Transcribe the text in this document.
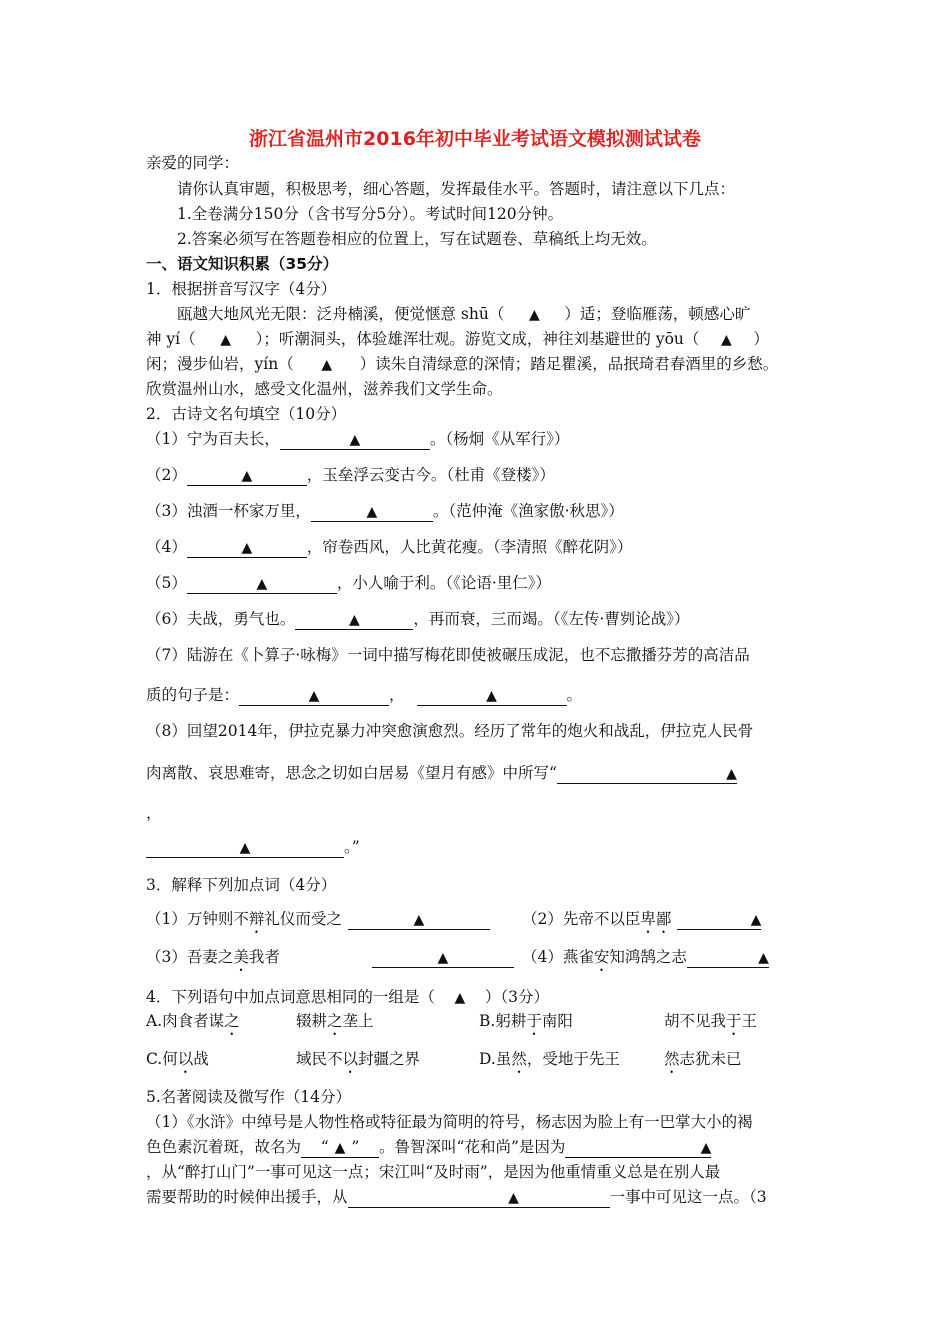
浙江省温州市2016年初中毕业考试语文模拟测试试卷
亲爱的同学：
请你认真审题，积极思考，细心答题，发挥最佳水平。答题时，请注意以下几点：
1.全卷满分150分（含书写分5分）。考试时间120分钟。
2.答案必须写在答题卷相应的位置上，写在试题卷、草稿纸上均无效。
一、语文知识积累（35分）
1．根据拼音写汉字（4分）
瓯越大地风光无限：泛舟楠溪，便觉惬意 shū（ ▲ ）适；登临雁荡，顿感心旷
神 yí（ ▲ ）；听潮洞头，体验雄浑壮观。游览文成，神往刘基避世的 yōu（ ▲ ）
闲；漫步仙岩，yín（ ▲ ）读朱自清绿意的深情；踏足瞿溪，品抿琦君春酒里的乡愁。
欣赏温州山水，感受文化温州，滋养我们文学生命。
2．古诗文名句填空（10分）
（1）宁为百夫长，	▲	。（杨炯《从军行》）
（2）	▲	，玉垒浮云变古今。（杜甫《登楼》）
（3）浊酒一杯家万里，	▲	。（范仲淹《渔家傲·秋思》）
（4）	▲	，帘卷西风，人比黄花瘦。（李清照《醉花阴》）
（5）	▲	，小人喻于利。（《论语·里仁》）
（6）夫战，勇气也。	▲	，再而衰，三而竭。（《左传·曹刿论战》）
（7）陆游在《卜算子·咏梅》一词中描写梅花即使被碾压成泥，也不忘撒播芬芳的高洁品
质的句子是：	▲	，	▲	。
（8）回望2014年，伊拉克暴力冲突愈演愈烈。经历了常年的炮火和战乱，伊拉克人民骨
肉离散、哀思难寄，思念之切如白居易《望月有感》中所写“	▲
，
▲	。”
3．解释下列加点词（4分）
（1）万钟则不辩礼仪而受之	▲	（2）先帝不以臣卑鄙	▲
（3）吾妻之美我者	▲	（4）燕雀安知鸿鹄之志	▲
4．下列语句中加点词意思相同的一组是（ ▲ ）（3分）
A.肉食者谋之	辍耕之垄上	B.躬耕于南阳	胡不见我于王
C.何以战	域民不以封疆之界	D.虽然，受地于先王	然志犹未已
5.名著阅读及微写作（14分）
（1）《水浒》中绰号是人物性格或特征最为简明的符号，杨志因为脸上有一巴掌大小的褐
色色素沉着斑，故名为 “ ▲ ” 。鲁智深叫“花和尚”是因为	▲
，从“醉打山门”一事可见这一点；宋江叫“及时雨”，是因为他重情重义总是在别人最
需要帮助的时候伸出援手，从	▲	一事中可见这一点。（3
